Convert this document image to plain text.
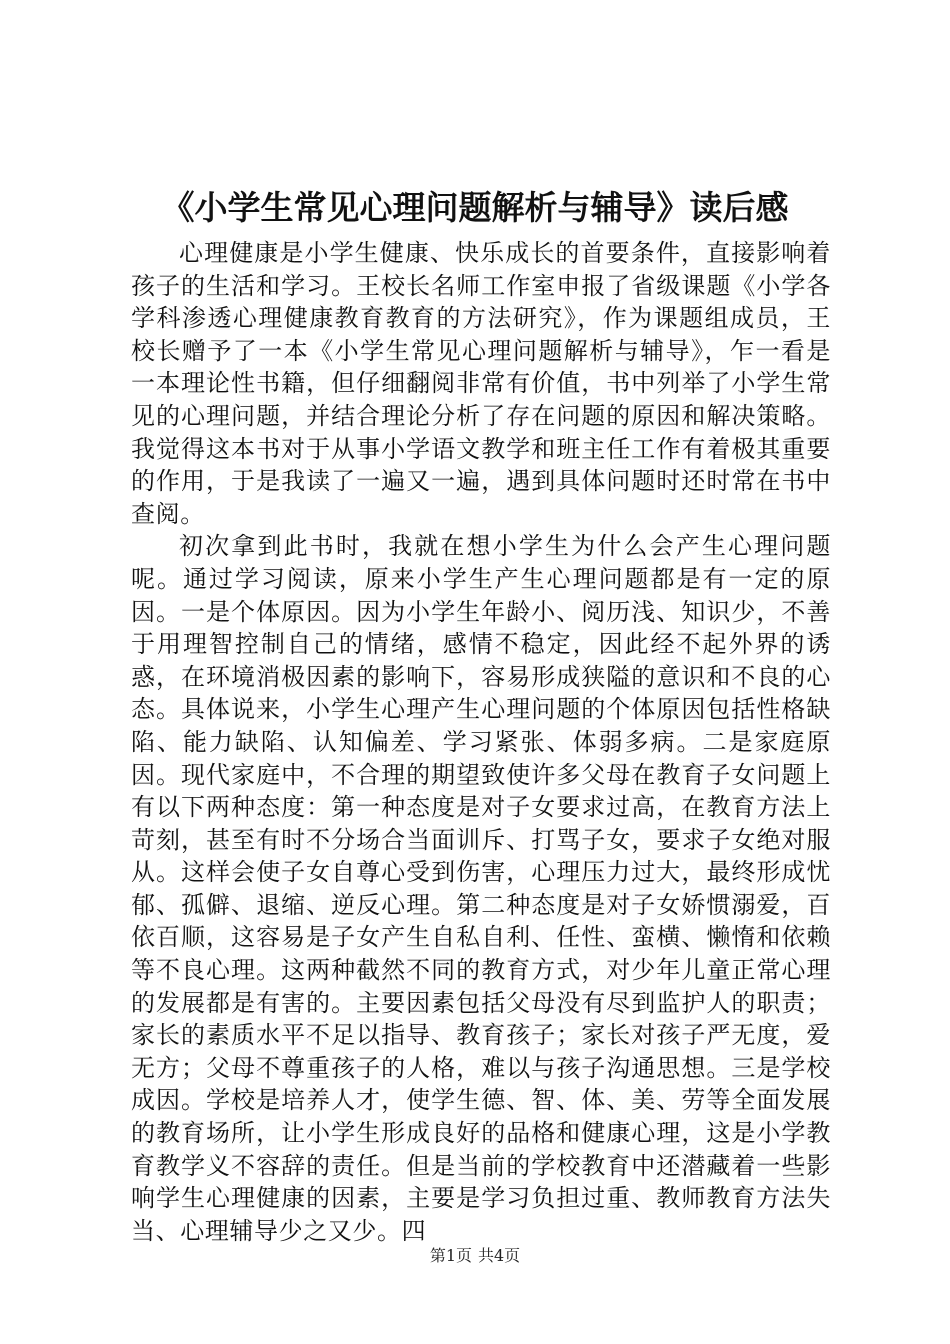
《小学生常见心理问题解析与辅导》读后感

心理健康是小学生健康、快乐成长的首要条件，直接影响着孩子的生活和学习。王校长名师工作室申报了省级课题《小学各学科渗透心理健康教育教育的方法研究》，作为课题组成员，王校长赠予了一本《小学生常见心理问题解析与辅导》，乍一看是一本理论性书籍，但仔细翻阅非常有价值，书中列举了小学生常见的心理问题，并结合理论分析了存在问题的原因和解决策略。我觉得这本书对于从事小学语文教学和班主任工作有着极其重要的作用，于是我读了一遍又一遍，遇到具体问题时还时常在书中查阅。

初次拿到此书时，我就在想小学生为什么会产生心理问题呢。通过学习阅读，原来小学生产生心理问题都是有一定的原因。一是个体原因。因为小学生年龄小、阅历浅、知识少，不善于用理智控制自己的情绪，感情不稳定，因此经不起外界的诱惑，在环境消极因素的影响下，容易形成狭隘的意识和不良的心态。具体说来，小学生心理产生心理问题的个体原因包括性格缺陷、能力缺陷、认知偏差、学习紧张、体弱多病。二是家庭原因。现代家庭中，不合理的期望致使许多父母在教育子女问题上有以下两种态度：第一种态度是对子女要求过高，在教育方法上苛刻，甚至有时不分场合当面训斥、打骂子女，要求子女绝对服从。这样会使子女自尊心受到伤害，心理压力过大，最终形成忧郁、孤僻、退缩、逆反心理。第二种态度是对子女娇惯溺爱，百依百顺，这容易是子女产生自私自利、任性、蛮横、懒惰和依赖等不良心理。这两种截然不同的教育方式，对少年儿童正常心理的发展都是有害的。主要因素包括父母没有尽到监护人的职责；家长的素质水平不足以指导、教育孩子；家长对孩子严无度，爱无方；父母不尊重孩子的人格，难以与孩子沟通思想。三是学校成因。学校是培养人才，使学生德、智、体、美、劳等全面发展的教育场所，让小学生形成良好的品格和健康心理，这是小学教育教学义不容辞的责任。但是当前的学校教育中还潜藏着一些影响学生心理健康的因素，主要是学习负担过重、教师教育方法失当、心理辅导少之又少。四

第1页 共4页
